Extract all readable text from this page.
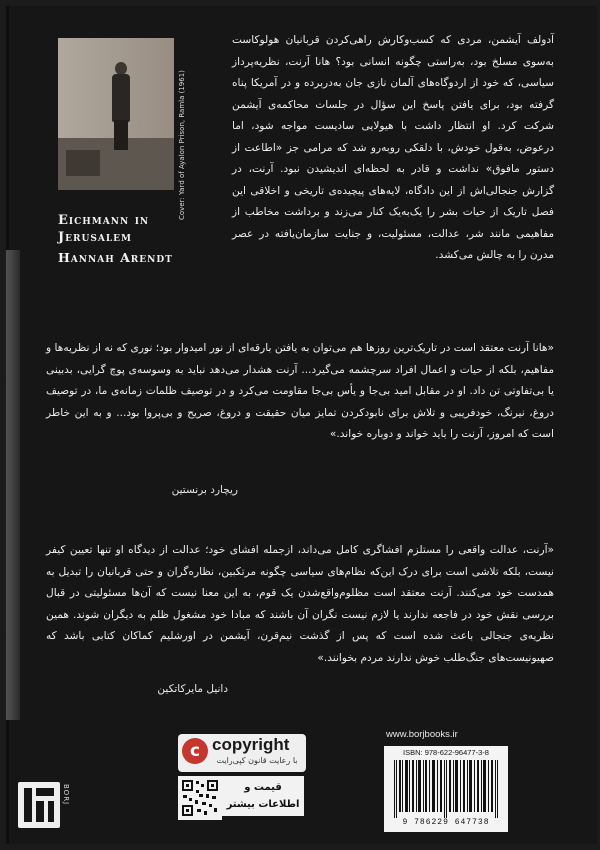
Cover: Yard of Ayalon Prison, Ramla (1961)
Eichmann in
Jerusalem
Hannah Arendt
آدولف آیشمن، مردی که کسب‌وکارش راهی‌کردن قربانیان هولوکاست به‌سوی مسلخ بود، به‌راستی چگونه انسانی بود؟ هانا آرنت، نظریه‌پرداز سیاسی، که خود از اردوگاه‌های آلمان نازی جان به‌دربرده و در آمریکا پناه گرفته بود، برای یافتن پاسخ این سؤال در جلسات محاکمه‌ی آیشمن شرکت کرد. او انتظار داشت با هیولایی سادیست مواجه شود، اما درعوض، به‌قول خودش، با دلقکی روبه‌رو شد که مرامی جز «اطاعت از دستور مافوق» نداشت و قادر به لحظه‌ای اندیشیدن نبود. آرنت، در گزارش جنجالی‌اش از این دادگاه، لایه‌های پیچیده‌ی تاریخی و اخلاقی این فصل تاریک از حیات بشر را یک‌به‌یک کنار می‌زند و برداشت مخاطب از مفاهیمی مانند شر، عدالت، مسئولیت، و جنایت سازمان‌یافته در عصر مدرن را به چالش می‌کشد.
«هانا آرنت معتقد است در تاریک‌ترین روزها هم می‌توان به یافتن بارقه‌ای از نور امیدوار بود؛ نوری که نه از نظریه‌ها و مفاهیم، بلکه از حیات و اعمال افراد سرچشمه می‌گیرد... آرنت هشدار می‌دهد نباید به وسوسه‌ی پوچ گرایی، بدبینی یا بی‌تفاوتی تن داد. او در مقابل امید بی‌جا و یأس بی‌جا مقاومت می‌کرد و در توصیف ظلمات زمانه‌ی ما، در توصیف دروغ، نیرنگ، خودفریبی و تلاش برای نابودکردن تمایز میان حقیقت و دروغ، صریح و بی‌پروا بود... و به این خاطر است که امروز، آرنت را باید خواند و دوباره خواند.»
ریچارد برنستین
«آرنت، عدالت واقعی را مستلزم افشاگری کامل می‌داند، ازجمله افشای خود؛ عدالت از دیدگاه او تنها تعیین کیفر نیست، بلکه تلاشی است برای درک این‌که نظام‌های سیاسی چگونه مرتکبین، نظاره‌گران و حتی قربانیان را تبدیل به همدست خود می‌کنند. آرنت معتقد است مظلوم‌واقع‌شدن یک قوم، به این معنا نیست که آن‌ها مسئولیتی در قبال بررسی نقش خود در فاجعه ندارند یا لازم نیست نگران آن باشند که مبادا خود مشغول ظلم به دیگران شوند. همین نظریه‌ی جنجالی باعث شده است که پس از گذشت نیم‌قرن، آیشمن در اورشلیم کماکان کتابی باشد که صهیونیست‌های جنگ‌طلب خوش ندارند مردم بخوانند.»
دانیل مایرکاتکین
BORJ
c copyright
با رعایت قانون کپی‌رایت
قیمت و
اطلاعات بیشتر
www.borjbooks.ir
ISBN: 978-622-96477-3-8
9 786229 647738
